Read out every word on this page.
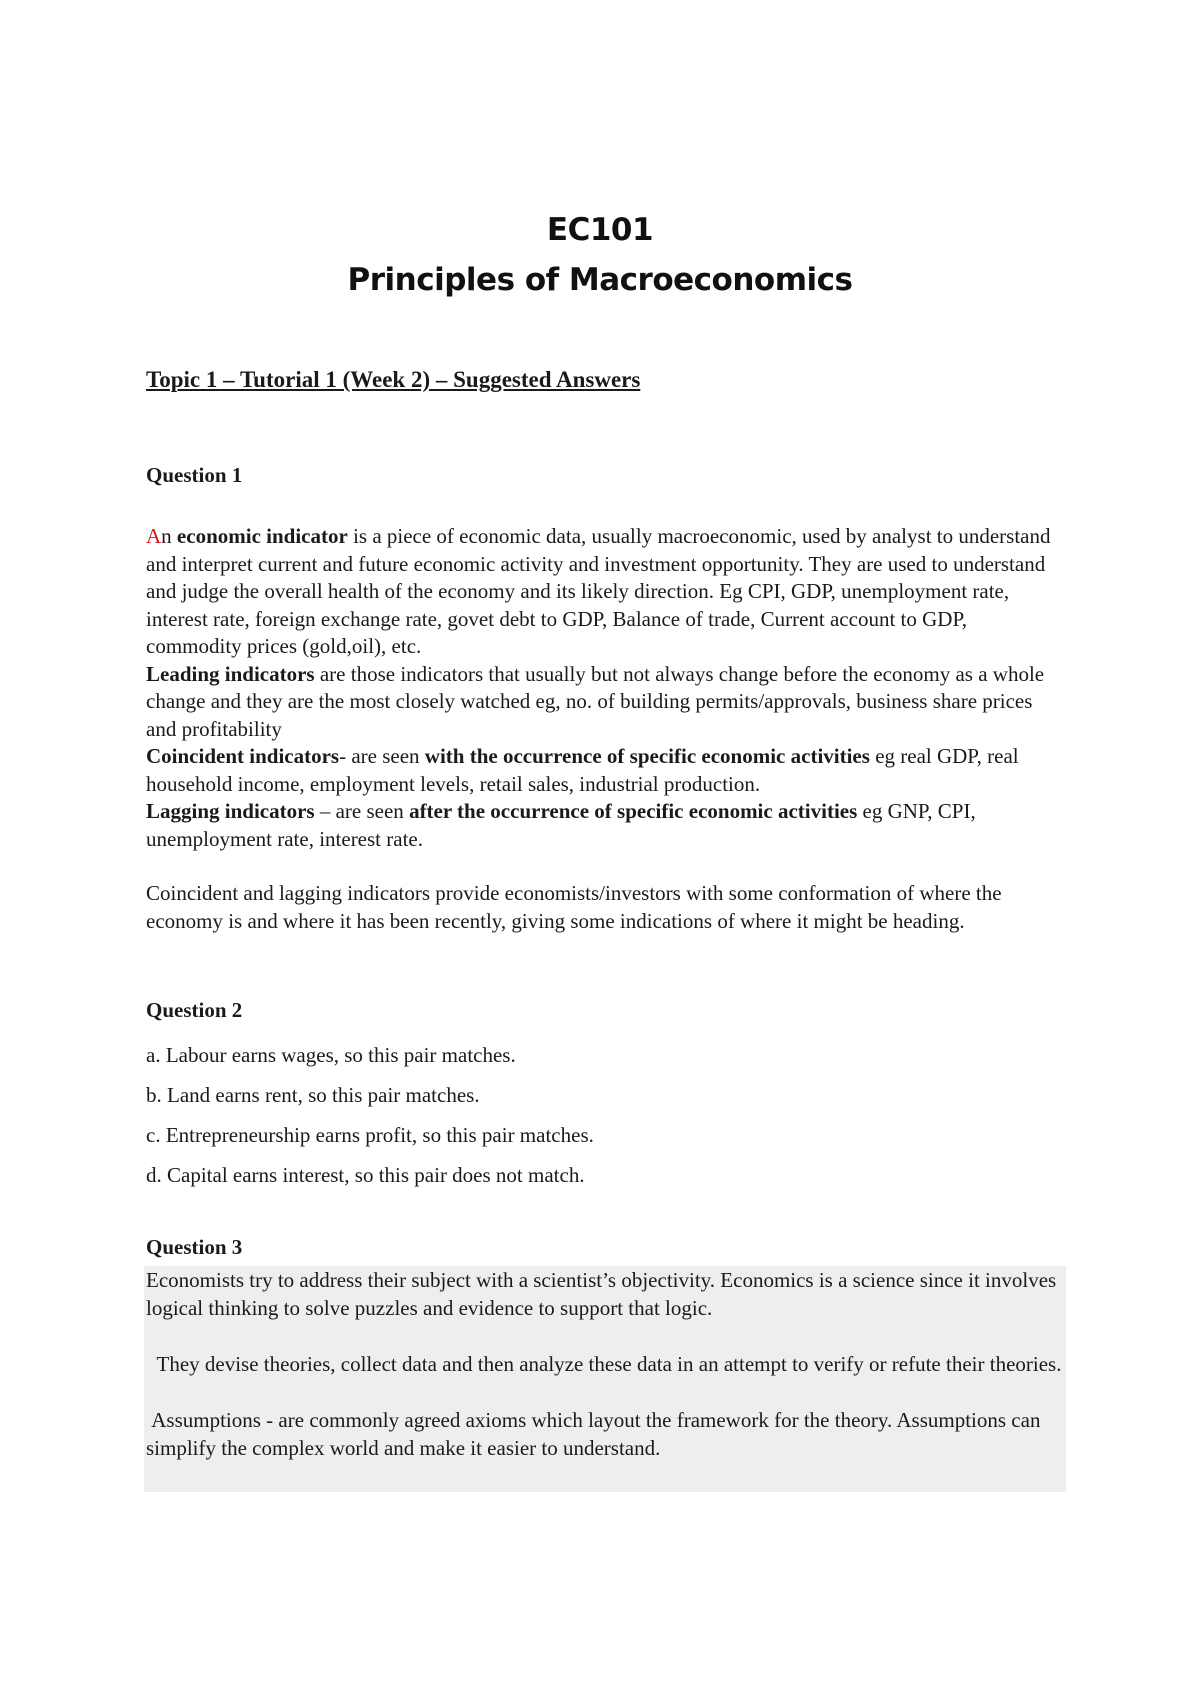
EC101
Principles of Macroeconomics
Topic 1 – Tutorial 1 (Week 2) – Suggested Answers
Question 1

An economic indicator is a piece of economic data, usually macroeconomic, used by analyst to understand and interpret current and future economic activity and investment opportunity. They are used to understand and judge the overall health of the economy and its likely direction. Eg CPI, GDP, unemployment rate, interest rate, foreign exchange rate, govet debt to GDP, Balance of trade, Current account to GDP, commodity prices (gold,oil), etc.

Leading indicators are those indicators that usually but not always change before the economy as a whole change and they are the most closely watched eg, no. of building permits/approvals, business share prices and profitability

Coincident indicators- are seen with the occurrence of specific economic activities eg real GDP, real household income, employment levels, retail sales, industrial production.

Lagging indicators – are seen after the occurrence of specific economic activities eg GNP, CPI, unemployment rate, interest rate.

Coincident and lagging indicators provide economists/investors with some conformation of where the economy is and where it has been recently, giving some indications of where it might be heading.

Question 2
a. Labour earns wages, so this pair matches.
b. Land earns rent, so this pair matches.
c. Entrepreneurship earns profit, so this pair matches.
d. Capital earns interest, so this pair does not match.
Question 3

Economists try to address their subject with a scientist’s objectivity. Economics is a science since it involves logical thinking to solve puzzles and evidence to support that logic.

They devise theories, collect data and then analyze these data in an attempt to verify or refute their theories.

Assumptions - are commonly agreed axioms which layout the framework for the theory. Assumptions can simplify the complex world and make it easier to understand.
